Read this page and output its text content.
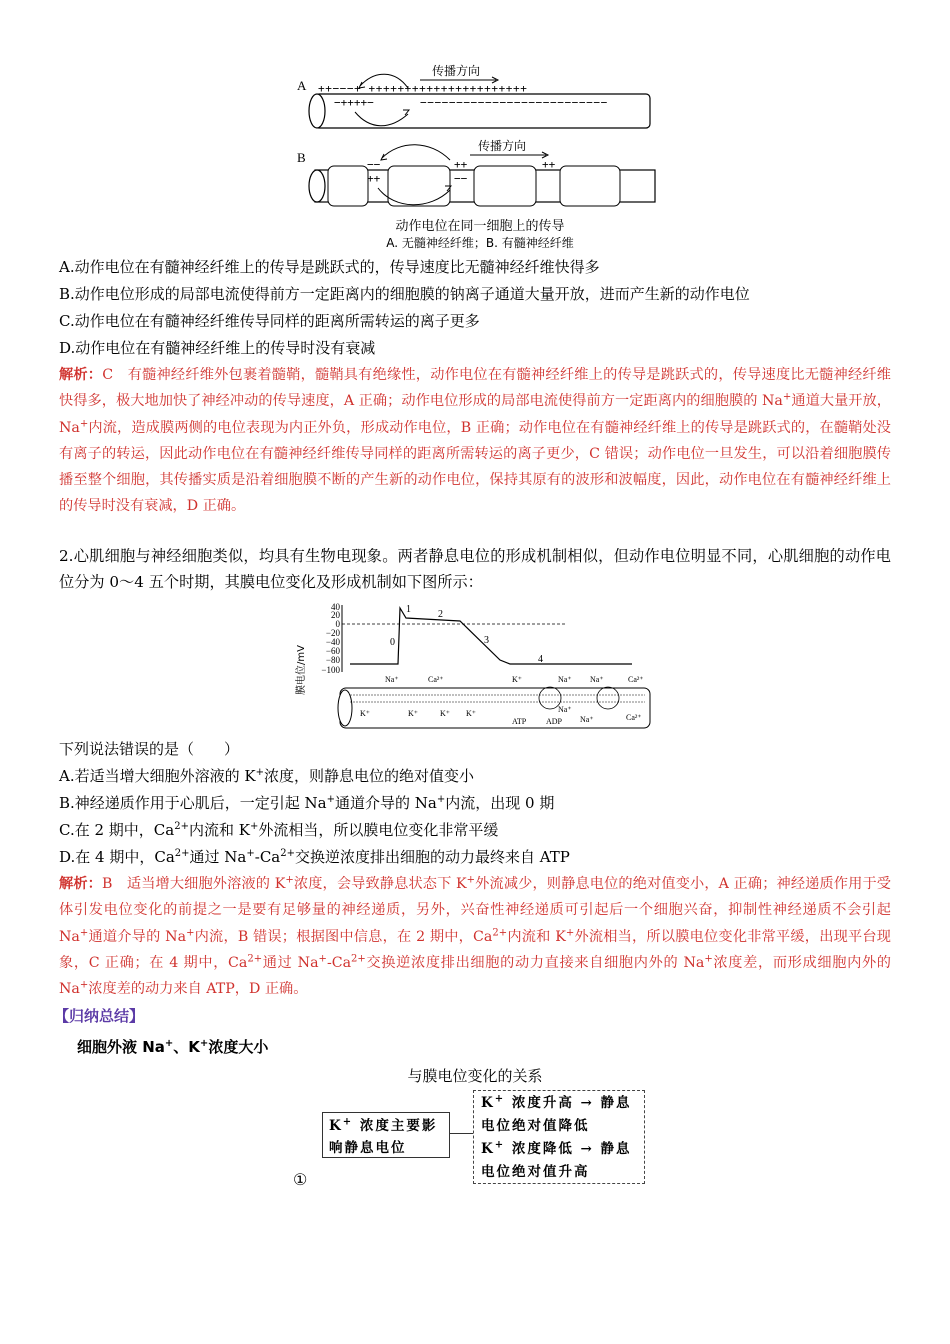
A
传播方向
++−−−+ ++++++++++++++++++++++
−++++−	−−−−−−−−−−−−−−−−−−−−−−−−−−
B
传播方向
−−
++
++
−−
++
动作电位在同一细胞上的传导
A. 无髓神经纤维；B. 有髓神经纤维
A.动作电位在有髓神经纤维上的传导是跳跃式的，传导速度比无髓神经纤维快得多
B.动作电位形成的局部电流使得前方一定距离内的细胞膜的钠离子通道大量开放，进而产生新的动作电位
C.动作电位在有髓神经纤维传导同样的距离所需转运的离子更多
D.动作电位在有髓神经纤维上的传导时没有衰减
解析：C　 有髓神经纤维外包裹着髓鞘，髓鞘具有绝缘性，动作电位在有髓神经纤维上的传导是跳跃式的，传导速度比无髓神经纤维快得多，极大地加快了神经冲动的传导速度，A 正确；动作电位形成的局部电流使得前方一定距离内的细胞膜的 Na+通道大量开放，Na+内流，造成膜两侧的电位表现为内正外负，形成动作电位，B 正确；动作电位在有髓神经纤维上的传导是跳跃式的，在髓鞘处没有离子的转运，因此动作电位在有髓神经纤维传导同样的距离所需转运的离子更少，C 错误；动作电位一旦发生，可以沿着细胞膜传播至整个细胞，其传播实质是沿着细胞膜不断的产生新的动作电位，保持其原有的波形和波幅度，因此，动作电位在有髓神经纤维上的传导时没有衰减，D 正确。
2.心肌细胞与神经细胞类似，均具有生物电现象。两者静息电位的形成机制相似，但动作电位明显不同，心肌细胞的动作电位分为 0～4 五个时期，其膜电位变化及形成机制如下图所示：
膜电位/mV
40
20
0
−20
−40
−60
−80
−100
0
1	2
3
4
Na⁺	Ca²⁺	K⁺	Na⁺ Na⁺	Ca²⁺
K⁺	K⁺	K⁺ K⁺	Na⁺
Na⁺	Ca²⁺
ATP ADP
下列说法错误的是（　　）
A.若适当增大细胞外溶液的 K+浓度，则静息电位的绝对值变小
B.神经递质作用于心肌后，一定引起 Na+通道介导的 Na+内流，出现 0 期
C.在 2 期中，$Ca^{2+}$内流和 K+外流相当，所以膜电位变化非常平缓
D.在 4 期中，$Ca^{2+}$通过 $Na^+-Ca^{2+}$交换逆浓度排出细胞的动力最终来自 ATP
解析：B　 适当增大细胞外溶液的 K+浓度，会导致静息状态下 K+外流减少，则静息电位的绝对值变小，A 正确；神经递质作用于受体引发电位变化的前提之一是要有足够量的神经递质，另外，兴奋性神经递质可引起后一个细胞兴奋，抑制性神经递质不会引起 Na+通道介导的 Na+内流，B 错误；根据图中信息，在 2 期中，$Ca^{2+}$内流和 K+外流相当，所以膜电位变化非常平缓，出现平台现象，C 正确；在 4 期中，$Ca^{2+}$通过 $Na^+-Ca^{2+}$交换逆浓度排出细胞的动力直接来自细胞内外的 Na+浓度差，而形成细胞内外的 Na+浓度差的动力来自 ATP，D 正确。
【归纳总结】
细胞外液 Na+、K+浓度大小
与膜电位变化的关系
K+ 浓度主要影响静息电位
K+ 浓度升高 → 静息电位绝对值降低
K+ 浓度降低 → 静息电位绝对值升高
①
